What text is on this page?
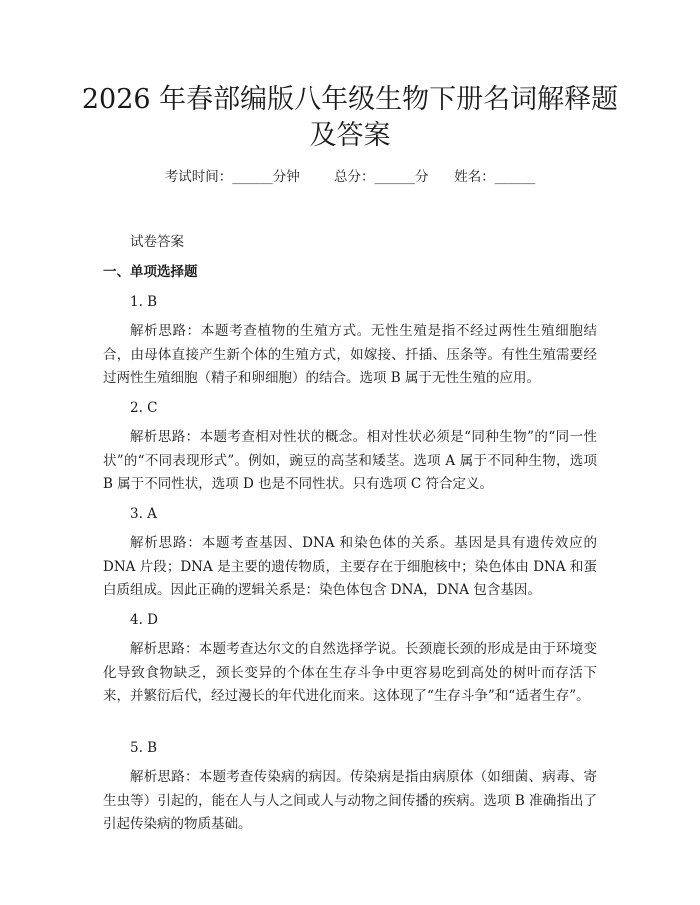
2026 年春部编版八年级生物下册名词解释题
及答案
考试时间：______分钟	总分：______分 姓名：______
试卷答案
一、单项选择题
1. B

解析思路：本题考查植物的生殖方式。无性生殖是指不经过两性生殖细胞结合，由母体直接产生新个体的生殖方式，如嫁接、扦插、压条等。有性生殖需要经过两性生殖细胞（精子和卵细胞）的结合。选项 B 属于无性生殖的应用。

2. C

解析思路：本题考查相对性状的概念。相对性状必须是“同种生物”的“同一性状”的“不同表现形式”。例如，豌豆的高茎和矮茎。选项 A 属于不同种生物，选项 B 属于不同性状，选项 D 也是不同性状。只有选项 C 符合定义。

3. A

解析思路：本题考查基因、DNA 和染色体的关系。基因是具有遗传效应的 DNA 片段；DNA 是主要的遗传物质，主要存在于细胞核中；染色体由 DNA 和蛋白质组成。因此正确的逻辑关系是：染色体包含 DNA，DNA 包含基因。

4. D

解析思路：本题考查达尔文的自然选择学说。长颈鹿长颈的形成是由于环境变化导致食物缺乏，颈长变异的个体在生存斗争中更容易吃到高处的树叶而存活下来，并繁衍后代，经过漫长的年代进化而来。这体现了“生存斗争”和“适者生存”。

5. B

解析思路：本题考查传染病的病因。传染病是指由病原体（如细菌、病毒、寄生虫等）引起的，能在人与人之间或人与动物之间传播的疾病。选项 B 准确指出了引起传染病的物质基础。
